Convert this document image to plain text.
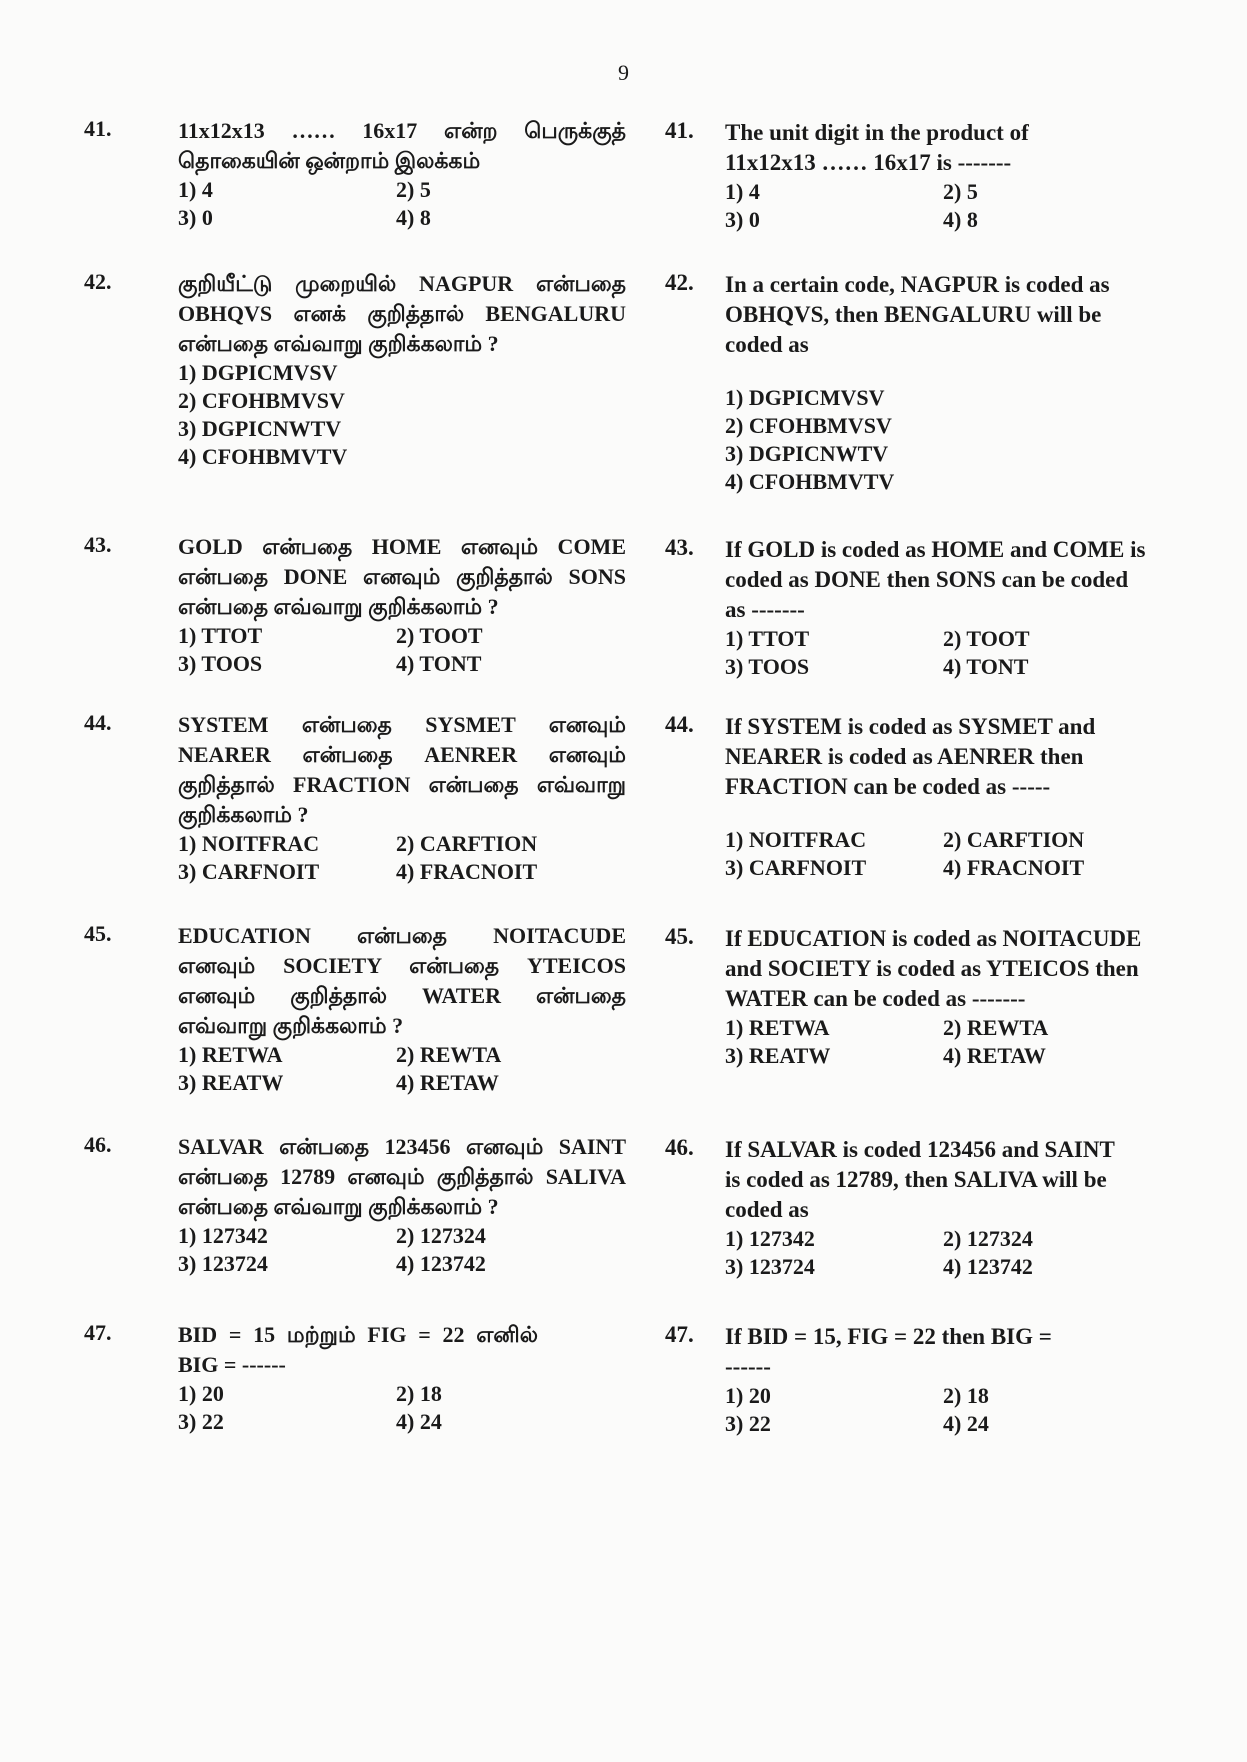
9
41.	11x12x13 …… 16x17 என்ற பெருக்குத் தொகையின் ஒன்றாம் இலக்கம்
1) 4	2) 5
3) 0	4) 8
42.	குறியீட்டு முறையில் NAGPUR என்பதை OBHQVS எனக் குறித்தால் BENGALURU என்பதை எவ்வாறு குறிக்கலாம் ?
1) DGPICMVSV
2) CFOHBMVSV
3) DGPICNWTV
4) CFOHBMVTV
43.	GOLD என்பதை HOME எனவும் COME என்பதை DONE எனவும் குறித்தால் SONS என்பதை எவ்வாறு குறிக்கலாம் ?
1) TTOT	2) TOOT
3) TOOS	4) TONT
44.	SYSTEM என்பதை SYSMET எனவும் NEARER என்பதை AENRER எனவும் குறித்தால் FRACTION என்பதை எவ்வாறு குறிக்கலாம் ?
1) NOITFRAC	2) CARFTION
3) CARFNOIT	4) FRACNOIT
45.	EDUCATION என்பதை NOITACUDE எனவும் SOCIETY என்பதை YTEICOS எனவும் குறித்தால் WATER என்பதை எவ்வாறு குறிக்கலாம் ?
1) RETWA	2) REWTA
3) REATW	4) RETAW
46.	SALVAR என்பதை 123456 எனவும் SAINT என்பதை 12789 எனவும் குறித்தால் SALIVA என்பதை எவ்வாறு குறிக்கலாம் ?
1) 127342	2) 127324
3) 123724	4) 123742
47.	BID = 15 மற்றும் FIG = 22 எனில் BIG = ------
1) 20	2) 18
3) 22	4) 24
41. The unit digit in the product of 11x12x13 …… 16x17 is -------
1) 4	2) 5
3) 0	4) 8
42. In a certain code, NAGPUR is coded as OBHQVS, then BENGALURU will be coded as
1) DGPICMVSV
2) CFOHBMVSV
3) DGPICNWTV
4) CFOHBMVTV
43. If GOLD is coded as HOME and COME is coded as DONE then SONS can be coded as -------
1) TTOT	2) TOOT
3) TOOS	4) TONT
44. If SYSTEM is coded as SYSMET and NEARER is coded as AENRER then FRACTION can be coded as -----
1) NOITFRAC	2) CARFTION
3) CARFNOIT	4) FRACNOIT
45. If EDUCATION is coded as NOITACUDE and SOCIETY is coded as YTEICOS then WATER can be coded as -------
1) RETWA	2) REWTA
3) REATW	4) RETAW
46. If SALVAR is coded 123456 and SAINT is coded as 12789, then SALIVA will be coded as
1) 127342	2) 127324
3) 123724	4) 123742
47. If BID = 15, FIG = 22 then BIG = ------
1) 20	2) 18
3) 22	4) 24
